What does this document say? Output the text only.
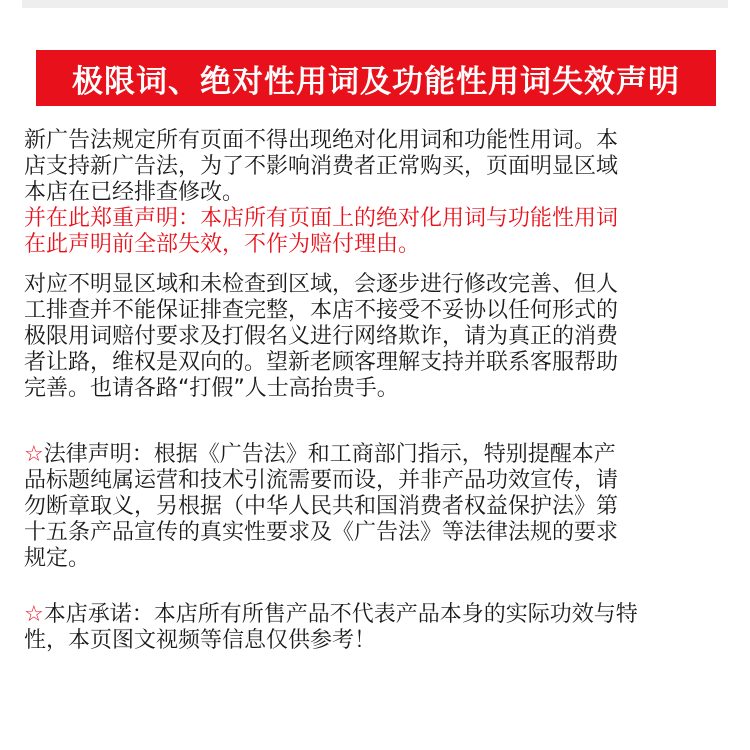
极限词、绝对性用词及功能性用词失效声明

新广告法规定所有页面不得出现绝对化用词和功能性用词。本
店支持新广告法，为了不影响消费者正常购买，页面明显区域
本店在已经排查修改。

并在此郑重声明：本店所有页面上的绝对化用词与功能性用词
在此声明前全部失效，不作为赔付理由。

对应不明显区域和未检查到区域，会逐步进行修改完善、但人
工排查并不能保证排查完整，本店不接受不妥协以任何形式的
极限用词赔付要求及打假名义进行网络欺诈，请为真正的消费
者让路，维权是双向的。望新老顾客理解支持并联系客服帮助
完善。也请各路“打假”人士高抬贵手。

☆法律声明：根据《广告法》和工商部门指示，特别提醒本产
品标题纯属运营和技术引流需要而设，并非产品功效宣传，请
勿断章取义，另根据（中华人民共和国消费者权益保护法》第
十五条产品宣传的真实性要求及《广告法》等法律法规的要求
规定。

☆本店承诺：本店所有所售产品不代表产品本身的实际功效与特
性，本页图文视频等信息仅供参考！
